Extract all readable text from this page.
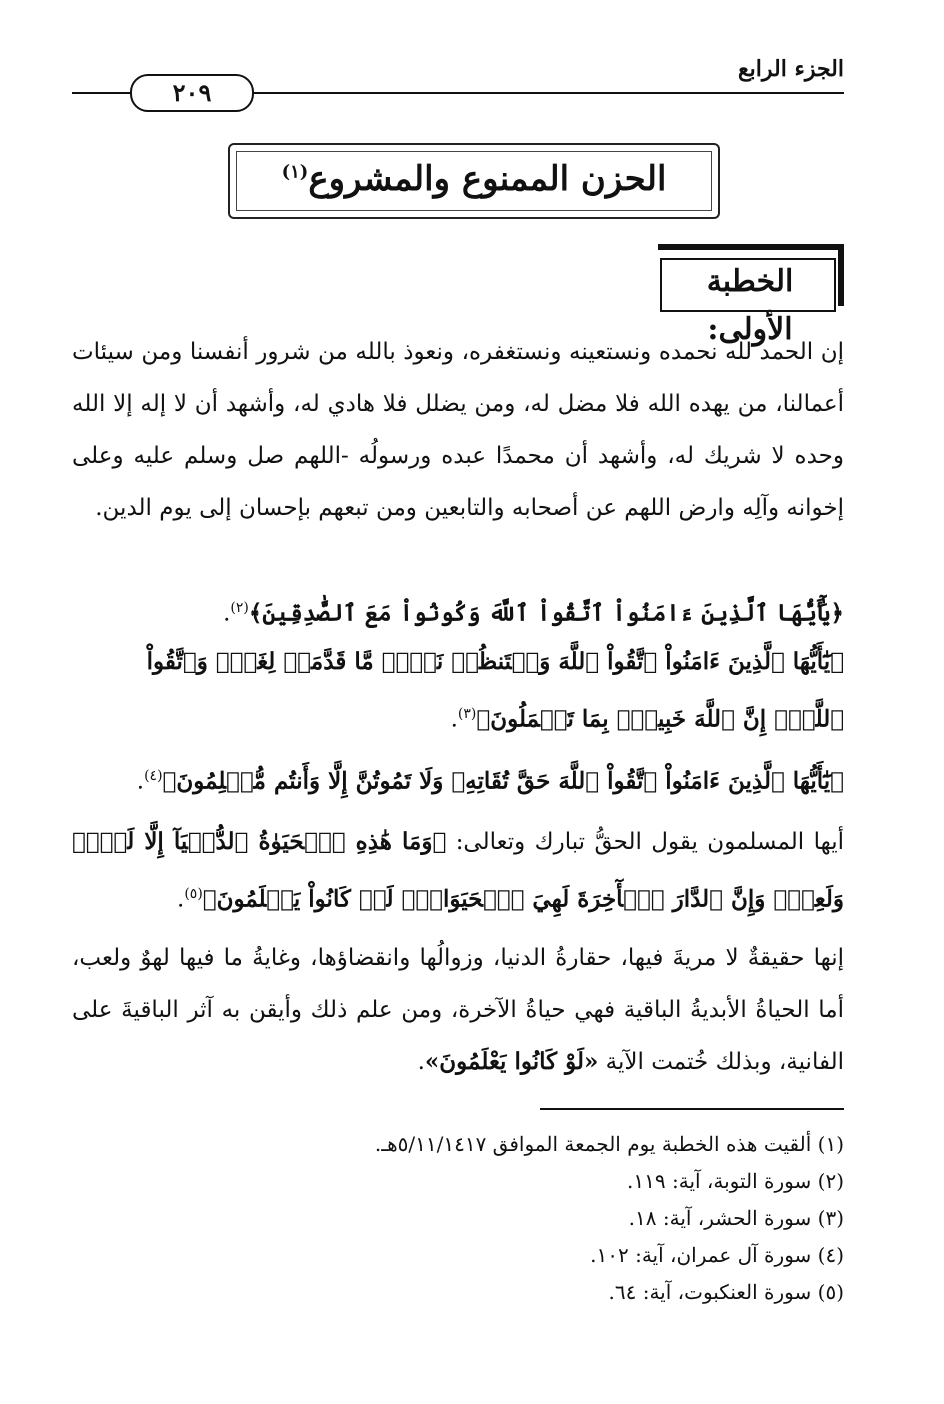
الجزء الرابع
٢٠٩
الحزن الممنوع والمشروع$^{(١)}$
الخطبة الأولى:
إن الحمد لله نحمده ونستعينه ونستغفره، ونعوذ بالله من شرور أنفسنا ومن سيئات أعمالنا، من يهده الله فلا مضل له، ومن يضلل فلا هادي له، وأشهد أن لا إله إلا الله وحده لا شريك له، وأشهد أن محمدًا عبده ورسولُه -اللهم صل وسلم عليه وعلى إخوانه وآلِه وارض اللهم عن أصحابه والتابعين ومن تبعهم بإحسان إلى يوم الدين.
﴿يَٰٓأَيُّهَا ٱلَّذِينَ ءَامَنُواْ ٱتَّقُواْ ٱللَّهَ وَكُونُواْ مَعَ ٱلصَّٰدِقِينَ﴾$^{(٢)}$.
﴿يَٰٓأَيُّهَا ٱلَّذِينَ ءَامَنُواْ ٱتَّقُواْ ٱللَّهَ وَلۡتَنظُرۡ نَفۡسٞ مَّا قَدَّمَتۡ لِغَدٖۖ وَٱتَّقُواْ ٱللَّهَۚ إِنَّ ٱللَّهَ خَبِيرُۢ بِمَا تَعۡمَلُونَ﴾$^{(٣)}$.
﴿يَٰٓأَيُّهَا ٱلَّذِينَ ءَامَنُواْ ٱتَّقُواْ ٱللَّهَ حَقَّ تُقَاتِهِۦ وَلَا تَمُوتُنَّ إِلَّا وَأَنتُم مُّسۡلِمُونَ﴾$^{(٤)}$.
أيها المسلمون يقول الحقُّ تبارك وتعالى: ﴿وَمَا هَٰذِهِ ٱلۡحَيَوٰةُ ٱلدُّنۡيَآ إِلَّا لَهۡوٞ وَلَعِبٞۚ وَإِنَّ ٱلدَّارَ ٱلۡأٓخِرَةَ لَهِيَ ٱلۡحَيَوَانُۚ لَوۡ كَانُواْ يَعۡلَمُونَ﴾$^{(٥)}$.
إنها حقيقةٌ لا مريةَ فيها، حقارةُ الدنيا، وزوالُها وانقضاؤها، وغايةُ ما فيها لهوٌ ولعب، أما الحياةُ الأبديةُ الباقية فهي حياةُ الآخرة، ومن علم ذلك وأيقن به آثر الباقيةَ على الفانية، وبذلك خُتمت الآية «لَوْ كَانُوا يَعْلَمُونَ».
(١) ألقيت هذه الخطبة يوم الجمعة الموافق ٥/١١/١٤١٧هـ.
(٢) سورة التوبة، آية: ١١٩.
(٣) سورة الحشر، آية: ١٨.
(٤) سورة آل عمران، آية: ١٠٢.
(٥) سورة العنكبوت، آية: ٦٤.
